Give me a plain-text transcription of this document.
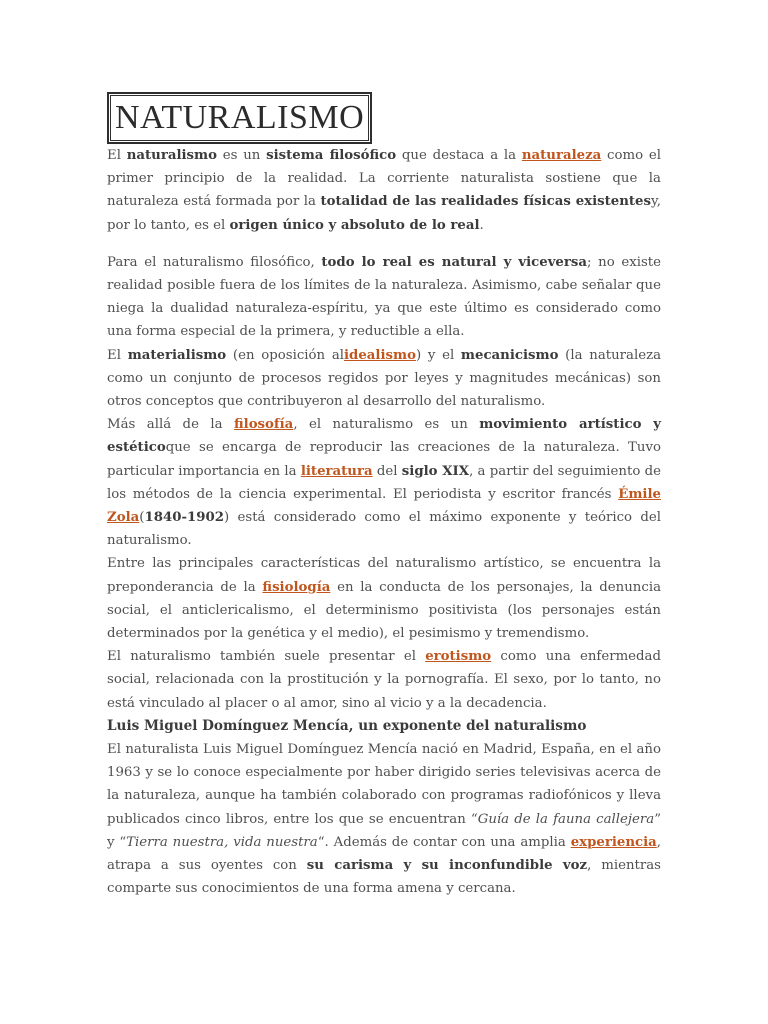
NATURALISMO

El naturalismo es un sistema filosófico que destaca a la naturaleza como el primer principio de la realidad. La corriente naturalista sostiene que la naturaleza está formada por la totalidad de las realidades físicas existentesy, por lo tanto, es el origen único y absoluto de lo real.

Para el naturalismo filosófico, todo lo real es natural y viceversa; no existe realidad posible fuera de los límites de la naturaleza. Asimismo, cabe señalar que niega la dualidad naturaleza-espíritu, ya que este último es considerado como una forma especial de la primera, y reductible a ella.

El materialismo (en oposición alidealismo) y el mecanicismo (la naturaleza como un conjunto de procesos regidos por leyes y magnitudes mecánicas) son otros conceptos que contribuyeron al desarrollo del naturalismo.

Más allá de la filosofía, el naturalismo es un movimiento artístico y estéticoque se encarga de reproducir las creaciones de la naturaleza. Tuvo particular importancia en la literatura del siglo XIX, a partir del seguimiento de los métodos de la ciencia experimental. El periodista y escritor francés Émile Zola(1840-1902) está considerado como el máximo exponente y teórico del naturalismo.

Entre las principales características del naturalismo artístico, se encuentra la preponderancia de la fisiología en la conducta de los personajes, la denuncia social, el anticlericalismo, el determinismo positivista (los personajes están determinados por la genética y el medio), el pesimismo y tremendismo.

El naturalismo también suele presentar el erotismo como una enfermedad social, relacionada con la prostitución y la pornografía. El sexo, por lo tanto, no está vinculado al placer o al amor, sino al vicio y a la decadencia.

Luis Miguel Domínguez Mencía, un exponente del naturalismo

El naturalista Luis Miguel Domínguez Mencía nació en Madrid, España, en el año 1963 y se lo conoce especialmente por haber dirigido series televisivas acerca de la naturaleza, aunque ha también colaborado con programas radiofónicos y lleva publicados cinco libros, entre los que se encuentran “Guía de la fauna callejera” y “Tierra nuestra, vida nuestra“. Además de contar con una amplia experiencia, atrapa a sus oyentes con su carisma y su inconfundible voz, mientras comparte sus conocimientos de una forma amena y cercana.
